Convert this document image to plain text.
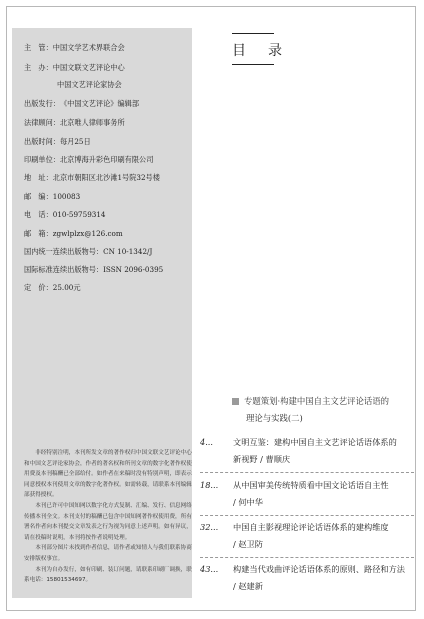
主　管：中国文学艺术界联合会
主　办：中国文联文艺评论中心
中国文艺评论家协会
出版发行：《中国文艺评论》编辑部
法律顾问：北京唯人律师事务所
出版时间：每月25日
印刷单位：北京博海升彩色印刷有限公司
地　址：北京市朝阳区北沙滩1号院32号楼
邮　编：100083
电　话：010-59759314
邮　箱：zgwlplzx@126.com
国内统一连续出版物号：CN 10-1342/J
国际标准连续出版物号：ISSN 2096-0395
定　价：25.00元

非经特别注明，本刊所发文章的著作权归中国文联文艺评论中心和中国文艺评论家协会，作者的著名权和所刊文章的数字化著作权使用费及本刊稿酬已全部给付。如作者在来稿时没有特别声明，即表示同意授权本刊使用文章的数字化著作权。如需转载，请联系本刊编辑部获得授权。

本刊已许可中国知网以数字化方式复制、汇编、发行、信息网络传播本刊全文。本刊支付的稿酬已包含中国知网著作权使用费，所有署名作者向本刊提交文章发表之行为视为同意上述声明。如有异议，请在投稿时说明，本刊将按作者说明处理。

本刊部分图片未找到作者信息，请作者或知情人与我们联系协商安排版权事宜。

本刊为自办发行，如有印刷、装订问题，请联系印刷厂调换，联系电话：15801534697。

目　录
专题策划·构建中国自主文艺评论话语的
理论与实践(二)
4... 文明互鉴：建构中国自主文艺评论话语体系的
新视野 / 曹顺庆
18... 从中国审美传统特质看中国文论话语自主性
/ 何中华
32... 中国自主影视理论评论话语体系的建构维度
/ 赵卫防
43... 构建当代戏曲评论话语体系的原则、路径和方法
/ 赵建新
